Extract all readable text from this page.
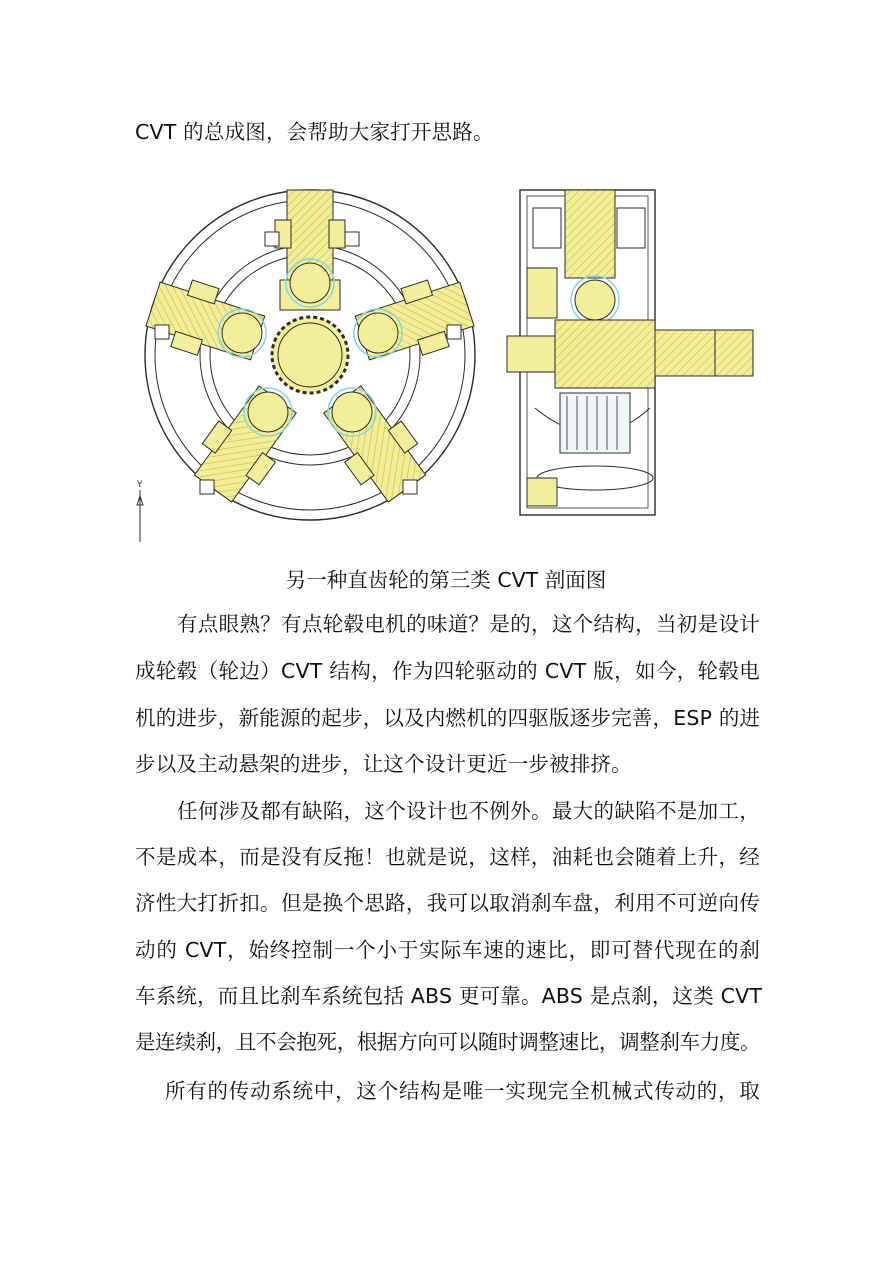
CVT 的总成图，会帮助大家打开思路。
Y
另一种直齿轮的第三类 CVT 剖面图
有点眼熟？有点轮毂电机的味道？是的，这个结构，当初是设计
成轮毂（轮边）CVT 结构，作为四轮驱动的 CVT 版，如今，轮毂电
机的进步，新能源的起步，以及内燃机的四驱版逐步完善，ESP 的进
步以及主动悬架的进步，让这个设计更近一步被排挤。
任何涉及都有缺陷，这个设计也不例外。最大的缺陷不是加工，
不是成本，而是没有反拖！也就是说，这样，油耗也会随着上升，经
济性大打折扣。但是换个思路，我可以取消刹车盘，利用不可逆向传
动的 CVT，始终控制一个小于实际车速的速比，即可替代现在的刹
车系统，而且比刹车系统包括 ABS 更可靠。ABS 是点刹，这类 CVT
是连续刹，且不会抱死，根据方向可以随时调整速比，调整刹车力度。
所有的传动系统中，这个结构是唯一实现完全机械式传动的，取
